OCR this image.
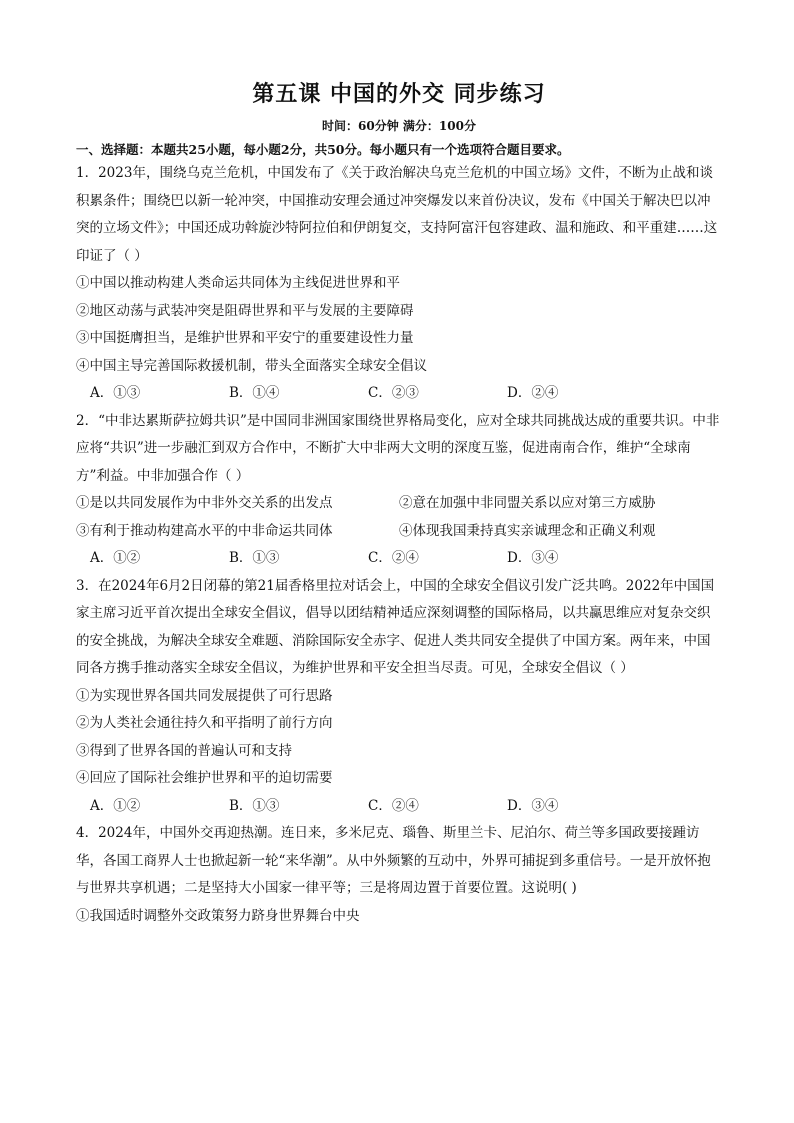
第五课 中国的外交 同步练习
时间：60分钟 满分：100分
一、选择题：本题共25小题，每小题2分，共50分。每小题只有一个选项符合题目要求。
1．2023年，围绕乌克兰危机，中国发布了《关于政治解决乌克兰危机的中国立场》文件，不断为止战和谈积累条件；围绕巴以新一轮冲突，中国推动安理会通过冲突爆发以来首份决议，发布《中国关于解决巴以冲突的立场文件》；中国还成功斡旋沙特阿拉伯和伊朗复交，支持阿富汗包容建政、温和施政、和平重建……这印证了（ ）
①中国以推动构建人类命运共同体为主线促进世界和平
②地区动荡与武装冲突是阻碍世界和平与发展的主要障碍
③中国挺膺担当，是维护世界和平安宁的重要建设性力量
④中国主导完善国际救援机制，带头全面落实全球安全倡议
A．①③	B．①④	C．②③	D．②④
2．“中非达累斯萨拉姆共识”是中国同非洲国家围绕世界格局变化，应对全球共同挑战达成的重要共识。中非应将“共识”进一步融汇到双方合作中，不断扩大中非两大文明的深度互鉴，促进南南合作，维护“全球南方”利益。中非加强合作（ ）
①是以共同发展作为中非外交关系的出发点	②意在加强中非同盟关系以应对第三方威胁
③有利于推动构建高水平的中非命运共同体	④体现我国秉持真实亲诚理念和正确义利观
A．①②	B．①③	C．②④	D．③④
3．在2024年6月2日闭幕的第21届香格里拉对话会上，中国的全球安全倡议引发广泛共鸣。2022年中国国家主席习近平首次提出全球安全倡议，倡导以团结精神适应深刻调整的国际格局，以共赢思维应对复杂交织的安全挑战，为解决全球安全难题、消除国际安全赤字、促进人类共同安全提供了中国方案。两年来，中国同各方携手推动落实全球安全倡议，为维护世界和平安全担当尽责。可见，全球安全倡议（ ）
①为实现世界各国共同发展提供了可行思路
②为人类社会通往持久和平指明了前行方向
③得到了世界各国的普遍认可和支持
④回应了国际社会维护世界和平的迫切需要
A．①②	B．①③	C．②④	D．③④
4．2024年，中国外交再迎热潮。连日来，多米尼克、瑙鲁、斯里兰卡、尼泊尔、荷兰等多国政要接踵访华，各国工商界人士也掀起新一轮“来华潮”。从中外频繁的互动中，外界可捕捉到多重信号。一是开放怀抱与世界共享机遇；二是坚持大小国家一律平等；三是将周边置于首要位置。这说明( )
①我国适时调整外交政策努力跻身世界舞台中央
